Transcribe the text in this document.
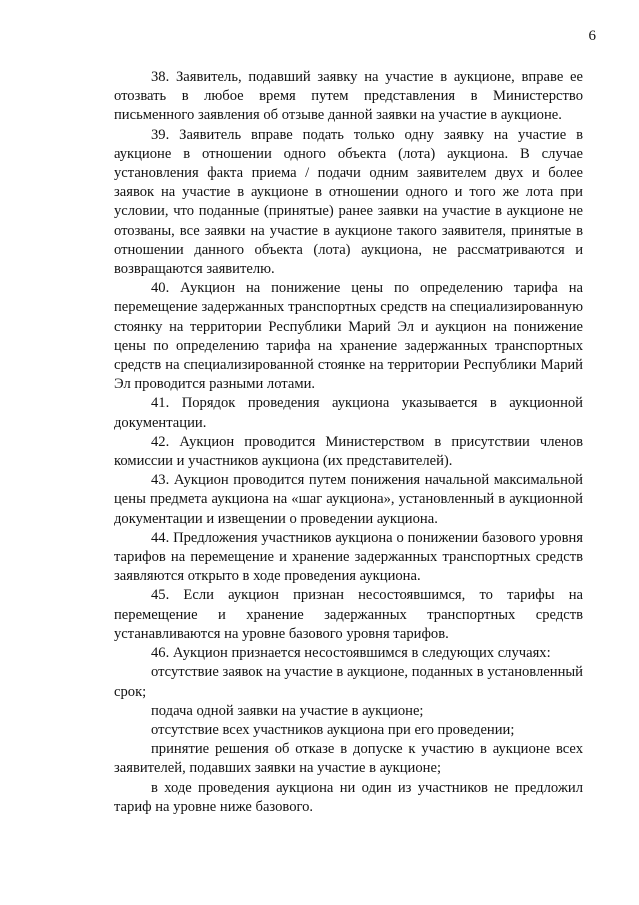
6

38. Заявитель, подавший заявку на участие в аукционе, вправе ее отозвать в любое время путем представления в Министерство письменного заявления об отзыве данной заявки на участие в аукционе.

39. Заявитель вправе подать только одну заявку на участие в аукционе в отношении одного объекта (лота) аукциона. В случае установления факта приема / подачи одним заявителем двух и более заявок на участие в аукционе в отношении одного и того же лота при условии, что поданные (принятые) ранее заявки на участие в аукционе не отозваны, все заявки на участие в аукционе такого заявителя, принятые в отношении данного объекта (лота) аукциона, не рассматриваются и возвращаются заявителю.

40. Аукцион на понижение цены по определению тарифа на перемещение задержанных транспортных средств на специализированную стоянку на территории Республики Марий Эл и аукцион на понижение цены по определению тарифа на хранение задержанных транспортных средств на специализированной стоянке на территории Республики Марий Эл проводится разными лотами.

41. Порядок проведения аукциона указывается в аукционной документации.

42. Аукцион проводится Министерством в присутствии членов комиссии и участников аукциона (их представителей).

43. Аукцион проводится путем понижения начальной максимальной цены предмета аукциона на «шаг аукциона», установленный в аукционной документации и извещении о проведении аукциона.

44. Предложения участников аукциона о понижении базового уровня тарифов на перемещение и хранение задержанных транспортных средств заявляются открыто в ходе проведения аукциона.

45. Если аукцион признан несостоявшимся, то тарифы на перемещение и хранение задержанных транспортных средств устанавливаются на уровне базового уровня тарифов.

46. Аукцион признается несостоявшимся в следующих случаях:

отсутствие заявок на участие в аукционе, поданных в установленный срок;

подача одной заявки на участие в аукционе;

отсутствие всех участников аукциона при его проведении;

принятие решения об отказе в допуске к участию в аукционе всех заявителей, подавших заявки на участие в аукционе;

в ходе проведения аукциона ни один из участников не предложил тариф на уровне ниже базового.
